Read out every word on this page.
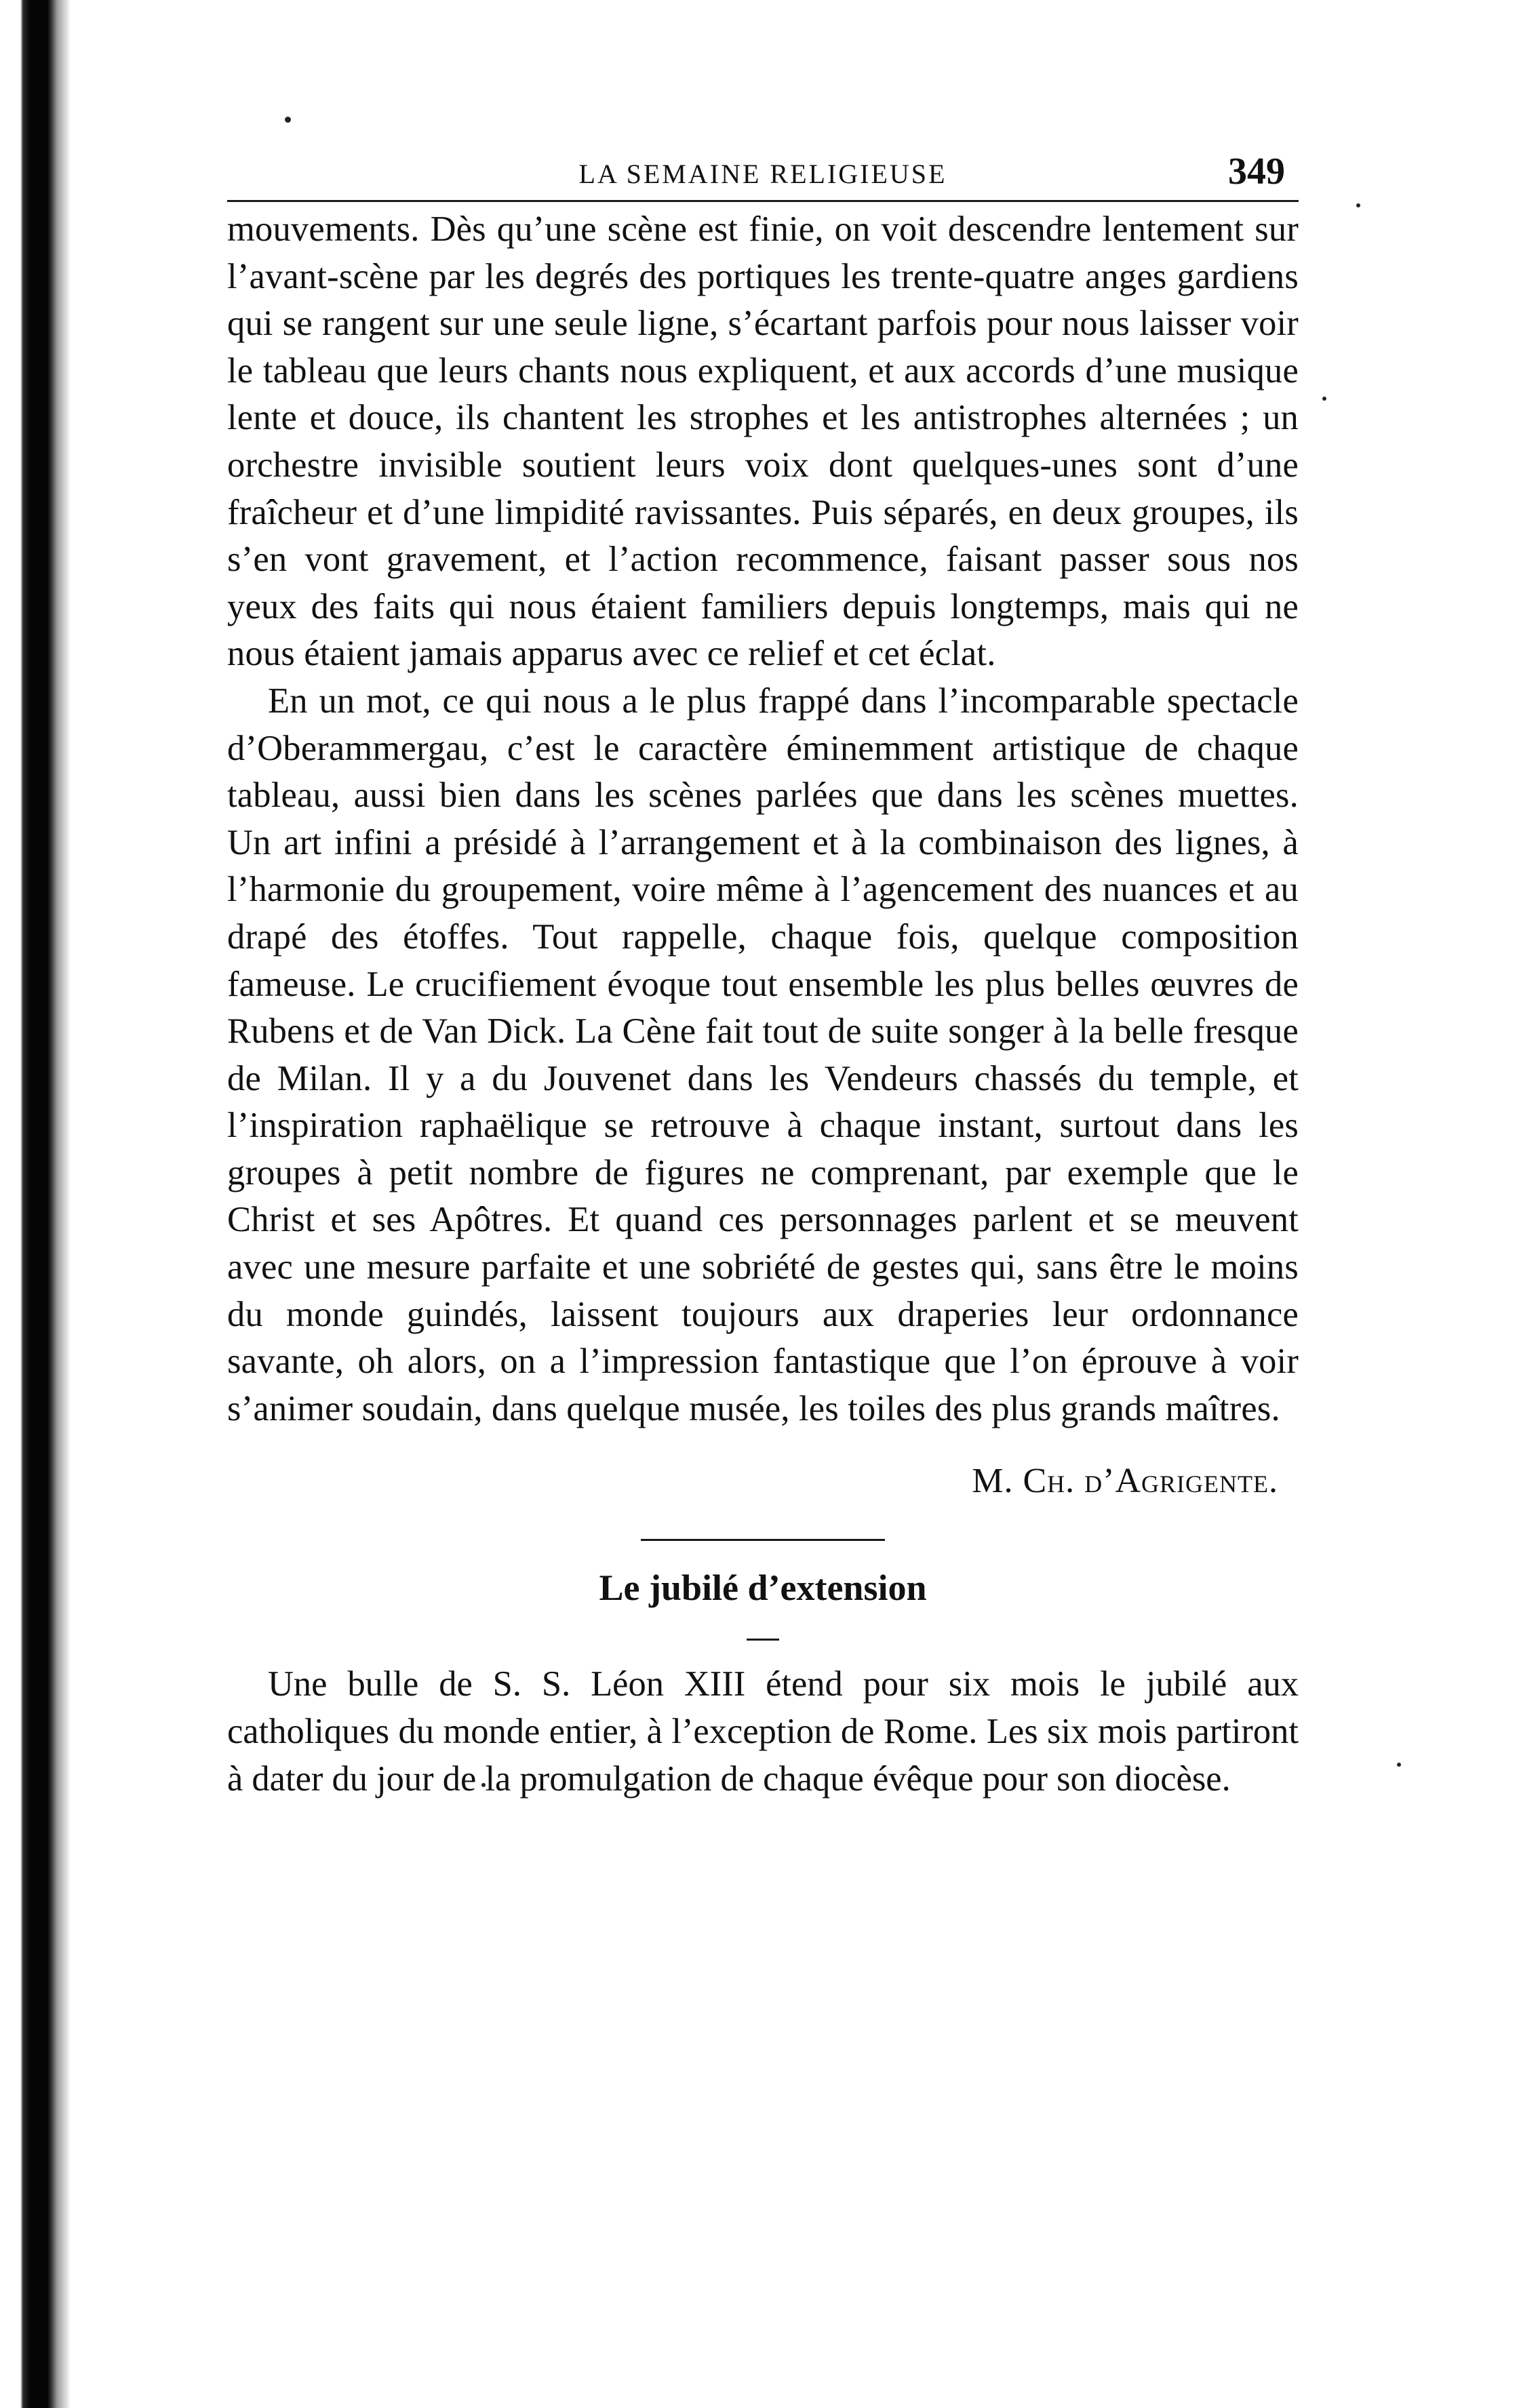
LA SEMAINE RELIGIEUSE	349

mouvements. Dès qu’une scène est finie, on voit descendre lentement sur l’avant-scène par les degrés des portiques les trente-quatre anges gardiens qui se rangent sur une seule ligne, s’écartant parfois pour nous laisser voir le tableau que leurs chants nous expliquent, et aux accords d’une musique lente et douce, ils chantent les strophes et les antistrophes alternées ; un orchestre invisible soutient leurs voix dont quelques-unes sont d’une fraîcheur et d’une limpidité ravissantes. Puis séparés, en deux groupes, ils s’en vont gravement, et l’action recommence, faisant passer sous nos yeux des faits qui nous étaient familiers depuis longtemps, mais qui ne nous étaient jamais apparus avec ce relief et cet éclat.

En un mot, ce qui nous a le plus frappé dans l’incomparable spectacle d’Oberammergau, c’est le caractère éminemment artistique de chaque tableau, aussi bien dans les scènes parlées que dans les scènes muettes. Un art infini a présidé à l’arrangement et à la combinaison des lignes, à l’harmonie du groupement, voire même à l’agencement des nuances et au drapé des étoffes. Tout rappelle, chaque fois, quelque composition fameuse. Le crucifiement évoque tout ensemble les plus belles œuvres de Rubens et de Van Dick. La Cène fait tout de suite songer à la belle fresque de Milan. Il y a du Jouvenet dans les Vendeurs chassés du temple, et l’inspiration raphaëlique se retrouve à chaque instant, surtout dans les groupes à petit nombre de figures ne comprenant, par exemple que le Christ et ses Apôtres. Et quand ces personnages parlent et se meuvent avec une mesure parfaite et une sobriété de gestes qui, sans être le moins du monde guindés, laissent toujours aux draperies leur ordonnance savante, oh alors, on a l’impression fantastique que l’on éprouve à voir s’animer soudain, dans quelque musée, les toiles des plus grands maîtres.

M. Ch. d’Agrigente.
Le jubilé d’extension

Une bulle de S. S. Léon XIII étend pour six mois le jubilé aux catholiques du monde entier, à l’exception de Rome. Les six mois partiront à dater du jour de la promulgation de chaque évêque pour son diocèse.
